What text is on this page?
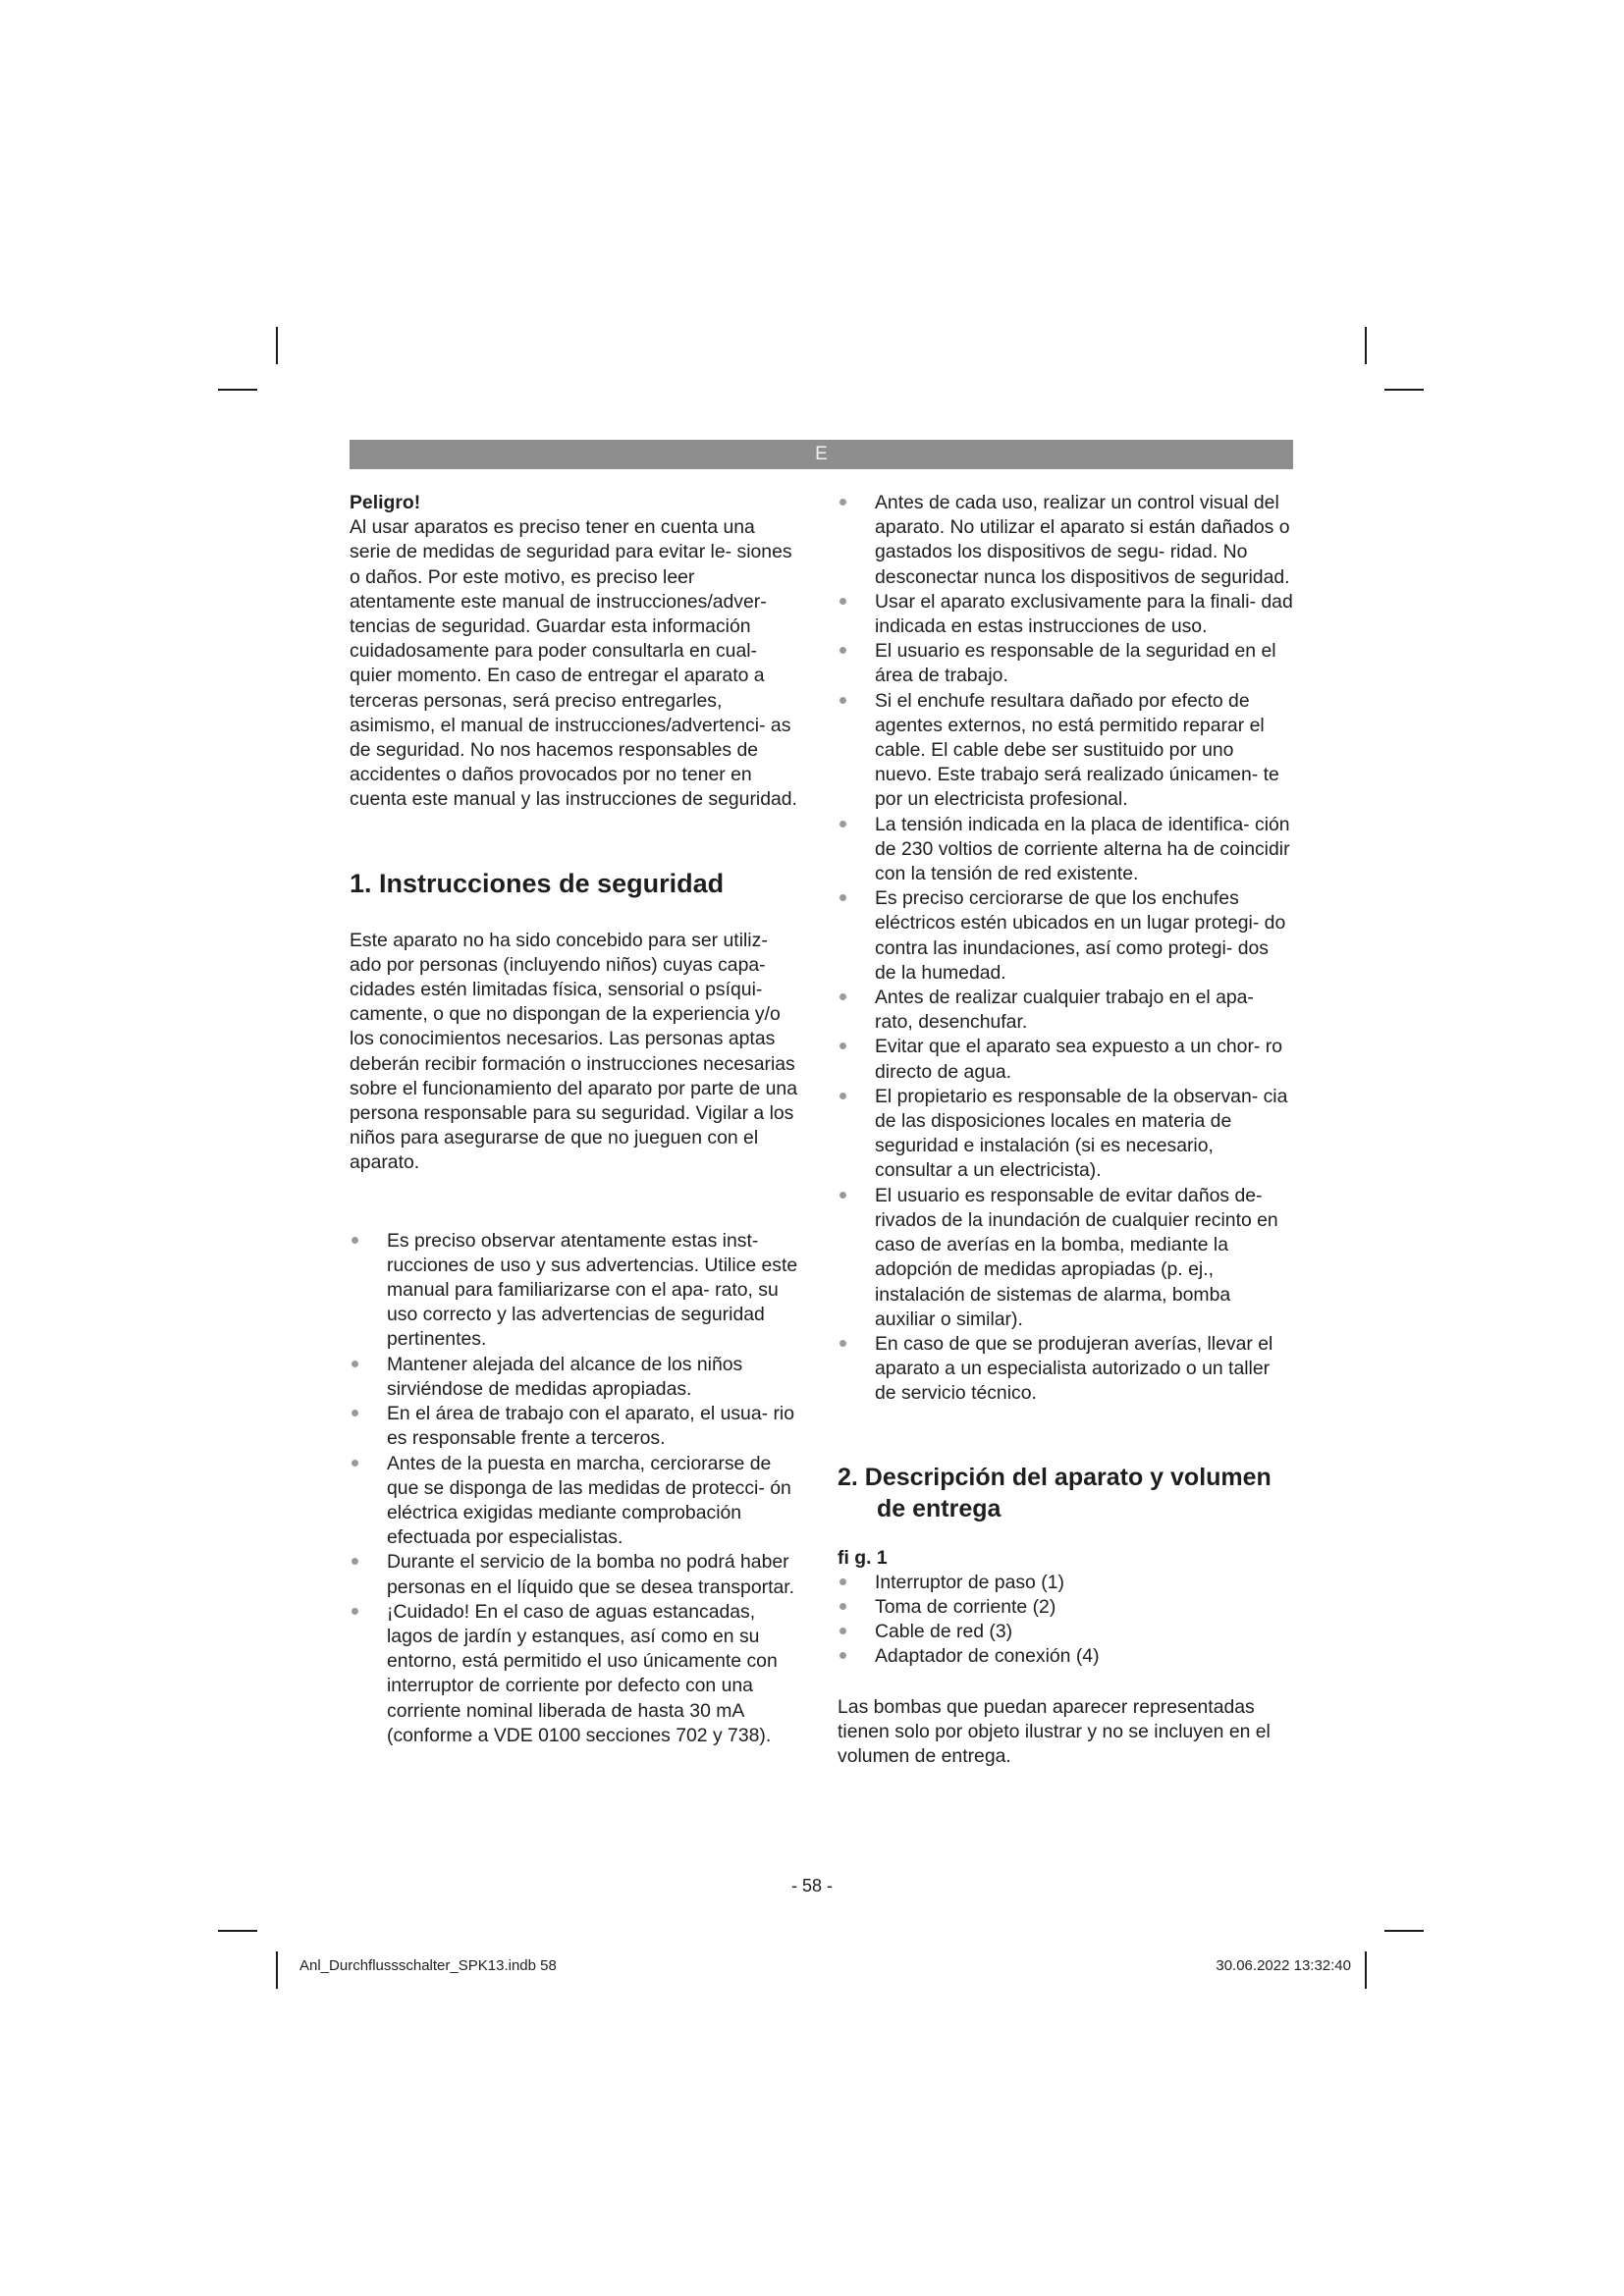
E

Peligro!

Al usar aparatos es preciso tener en cuenta una serie de medidas de seguridad para evitar le- siones o daños. Por este motivo, es preciso leer atentamente este manual de instrucciones/adver- tencias de seguridad. Guardar esta información cuidadosamente para poder consultarla en cual- quier momento. En caso de entregar el aparato a terceras personas, será preciso entregarles, asimismo, el manual de instrucciones/advertenci- as de seguridad. No nos hacemos responsables de accidentes o daños provocados por no tener en cuenta este manual y las instrucciones de seguridad.

1. Instrucciones de seguridad

Este aparato no ha sido concebido para ser utiliz- ado por personas (incluyendo niños) cuyas capa- cidades estén limitadas física, sensorial o psíqui- camente, o que no dispongan de la experiencia y/o los conocimientos necesarios. Las personas aptas deberán recibir formación o instrucciones necesarias sobre el funcionamiento del aparato por parte de una persona responsable para su seguridad. Vigilar a los niños para asegurarse de que no jueguen con el aparato.

Es preciso observar atentamente estas inst- rucciones de uso y sus advertencias. Utilice este manual para familiarizarse con el apa- rato, su uso correcto y las advertencias de seguridad pertinentes.
Mantener alejada del alcance de los niños sirviéndose de medidas apropiadas.
En el área de trabajo con el aparato, el usua- rio es responsable frente a terceros.
Antes de la puesta en marcha, cerciorarse de que se disponga de las medidas de protecci- ón eléctrica exigidas mediante comprobación efectuada por especialistas.
Durante el servicio de la bomba no podrá haber personas en el líquido que se desea transportar.
¡Cuidado! En el caso de aguas estancadas, lagos de jardín y estanques, así como en su entorno, está permitido el uso únicamente con interruptor de corriente por defecto con una corriente nominal liberada de hasta 30 mA (conforme a VDE 0100 secciones 702 y 738).
Antes de cada uso, realizar un control visual del aparato. No utilizar el aparato si están dañados o gastados los dispositivos de segu- ridad. No desconectar nunca los dispositivos de seguridad.
Usar el aparato exclusivamente para la finali- dad indicada en estas instrucciones de uso.
El usuario es responsable de la seguridad en el área de trabajo.
Si el enchufe resultara dañado por efecto de agentes externos, no está permitido reparar el cable. El cable debe ser sustituido por uno nuevo. Este trabajo será realizado únicamen- te por un electricista profesional.
La tensión indicada en la placa de identifica- ción de 230 voltios de corriente alterna ha de coincidir con la tensión de red existente.
Es preciso cerciorarse de que los enchufes eléctricos estén ubicados en un lugar protegi- do contra las inundaciones, así como protegi- dos de la humedad.
Antes de realizar cualquier trabajo en el apa- rato, desenchufar.
Evitar que el aparato sea expuesto a un chor- ro directo de agua.
El propietario es responsable de la observan- cia de las disposiciones locales en materia de seguridad e instalación (si es necesario, consultar a un electricista).
El usuario es responsable de evitar daños de- rivados de la inundación de cualquier recinto en caso de averías en la bomba, mediante la adopción de medidas apropiadas (p. ej., instalación de sistemas de alarma, bomba auxiliar o similar).
En caso de que se produjeran averías, llevar el aparato a un especialista autorizado o un taller de servicio técnico.
2. Descripción del aparato y volumen de entrega

fi g. 1

Interruptor de paso (1)
Toma de corriente (2)
Cable de red (3)
Adaptador de conexión (4)

Las bombas que puedan aparecer representadas tienen solo por objeto ilustrar y no se incluyen en el volumen de entrega.

- 58 -
Anl_Durchflussschalter_SPK13.indb 58	30.06.2022 13:32:40
